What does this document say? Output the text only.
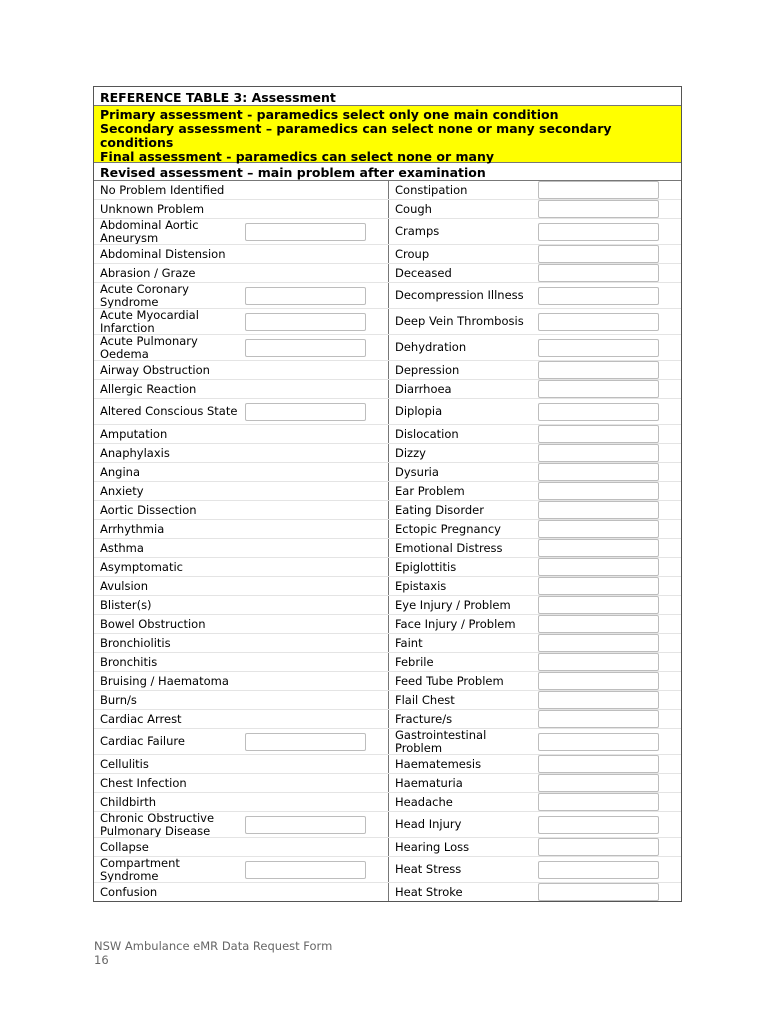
REFERENCE TABLE 3: Assessment
Primary assessment - paramedics select only one main condition
Secondary assessment – paramedics can select none or many secondary conditions
Final assessment - paramedics can select none or many
Revised assessment – main problem after examination
No Problem Identified	Constipation
Unknown Problem	Cough
Abdominal Aortic Aneurysm	Cramps
Abdominal Distension	Croup
Abrasion / Graze	Deceased
Acute Coronary Syndrome	Decompression Illness
Acute Myocardial Infarction	Deep Vein Thrombosis
Acute Pulmonary Oedema	Dehydration
Airway Obstruction	Depression
Allergic Reaction	Diarrhoea
Altered Conscious State	Diplopia
Amputation	Dislocation
Anaphylaxis	Dizzy
Angina	Dysuria
Anxiety	Ear Problem
Aortic Dissection	Eating Disorder
Arrhythmia	Ectopic Pregnancy
Asthma	Emotional Distress
Asymptomatic	Epiglottitis
Avulsion	Epistaxis
Blister(s)	Eye Injury / Problem
Bowel Obstruction	Face Injury / Problem
Bronchiolitis	Faint
Bronchitis	Febrile
Bruising / Haematoma	Feed Tube Problem
Burn/s	Flail Chest
Cardiac Arrest	Fracture/s
Cardiac Failure	Gastrointestinal Problem
Cellulitis	Haematemesis
Chest Infection	Haematuria
Childbirth	Headache
Chronic Obstructive Pulmonary Disease	Head Injury
Collapse	Hearing Loss
Compartment Syndrome	Heat Stress
Confusion	Heat Stroke
NSW Ambulance eMR Data Request Form
16
